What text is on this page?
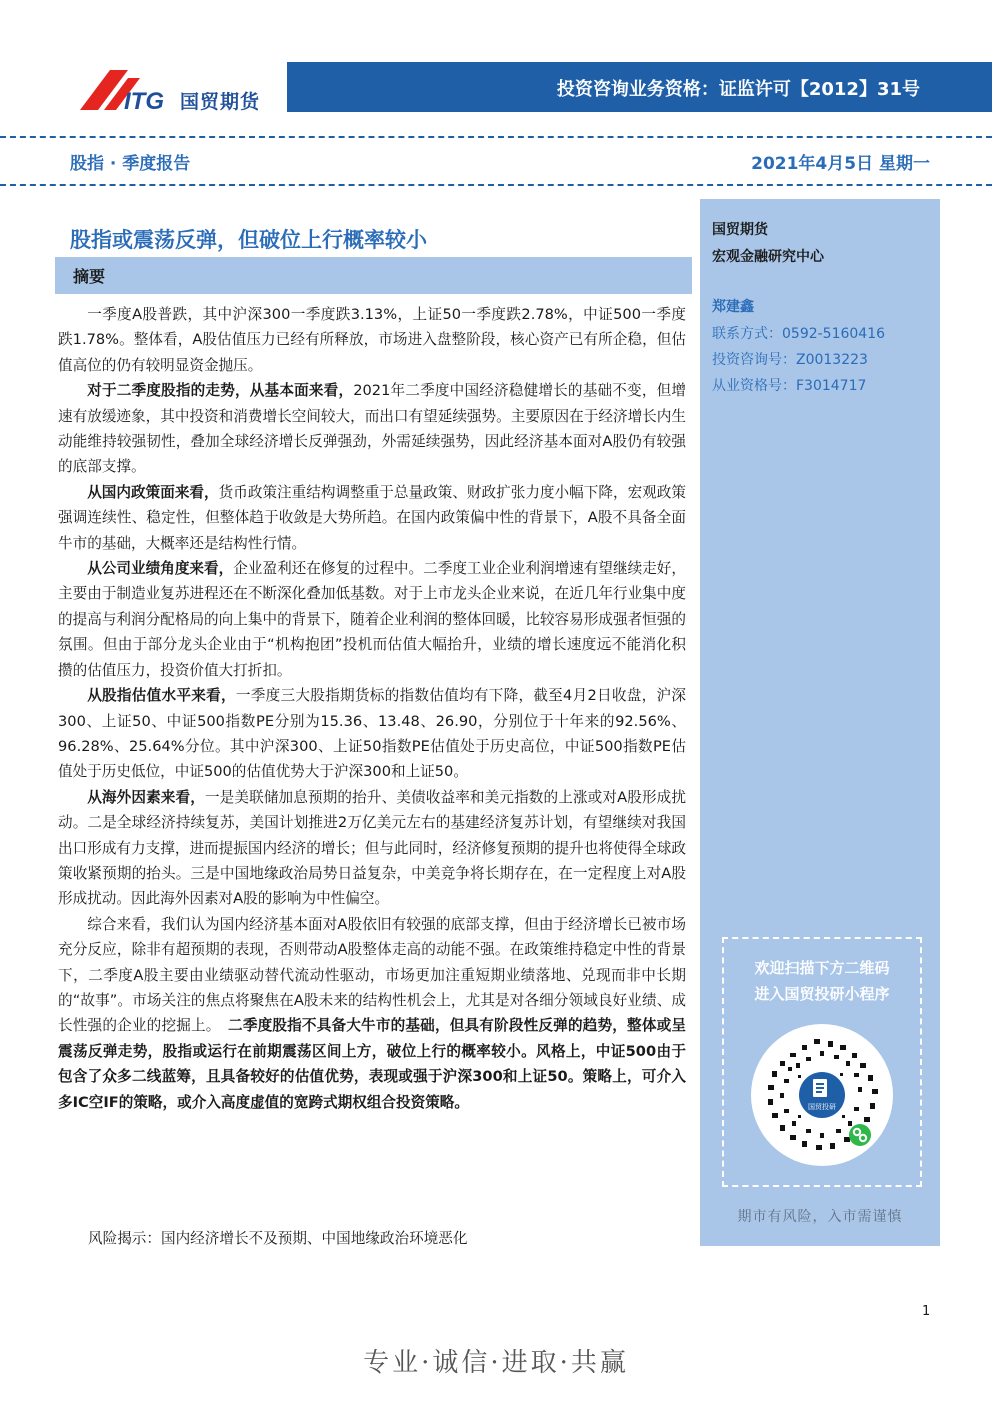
ITG 国贸期货
投资咨询业务资格：证监许可【2012】31号
股指 · 季度报告	2021年4月5日 星期一
股指或震荡反弹，但破位上行概率较小
摘要

一季度A股普跌，其中沪深300一季度跌3.13%，上证50一季度跌2.78%，中证500一季度跌1.78%。整体看，A股估值压力已经有所释放，市场进入盘整阶段，核心资产已有所企稳，但估值高位的仍有较明显资金抛压。

对于二季度股指的走势，从基本面来看，2021年二季度中国经济稳健增长的基础不变，但增速有放缓迹象，其中投资和消费增长空间较大，而出口有望延续强势。主要原因在于经济增长内生动能维持较强韧性，叠加全球经济增长反弹强劲，外需延续强势，因此经济基本面对A股仍有较强的底部支撑。

从国内政策面来看，货币政策注重结构调整重于总量政策、财政扩张力度小幅下降，宏观政策强调连续性、稳定性，但整体趋于收敛是大势所趋。在国内政策偏中性的背景下，A股不具备全面牛市的基础，大概率还是结构性行情。

从公司业绩角度来看，企业盈利还在修复的过程中。二季度工业企业利润增速有望继续走好，主要由于制造业复苏进程还在不断深化叠加低基数。对于上市龙头企业来说，在近几年行业集中度的提高与利润分配格局的向上集中的背景下，随着企业利润的整体回暖，比较容易形成强者恒强的氛围。但由于部分龙头企业由于“机构抱团”投机而估值大幅抬升，业绩的增长速度远不能消化积攒的估值压力，投资价值大打折扣。

从股指估值水平来看，一季度三大股指期货标的指数估值均有下降，截至4月2日收盘，沪深300、上证50、中证500指数PE分别为15.36、13.48、26.90，分别位于十年来的92.56%、96.28%、25.64%分位。其中沪深300、上证50指数PE估值处于历史高位，中证500指数PE估值处于历史低位，中证500的估值优势大于沪深300和上证50。

从海外因素来看，一是美联储加息预期的抬升、美债收益率和美元指数的上涨或对A股形成扰动。二是全球经济持续复苏，美国计划推进2万亿美元左右的基建经济复苏计划，有望继续对我国出口形成有力支撑，进而提振国内经济的增长；但与此同时，经济修复预期的提升也将使得全球政策收紧预期的抬头。三是中国地缘政治局势日益复杂，中美竞争将长期存在，在一定程度上对A股形成扰动。因此海外因素对A股的影响为中性偏空。

综合来看，我们认为国内经济基本面对A股依旧有较强的底部支撑，但由于经济增长已被市场充分反应，除非有超预期的表现，否则带动A股整体走高的动能不强。在政策维持稳定中性的背景下，二季度A股主要由业绩驱动替代流动性驱动，市场更加注重短期业绩落地、兑现而非中长期的“故事”。市场关注的焦点将聚焦在A股未来的结构性机会上，尤其是对各细分领域良好业绩、成长性强的企业的挖掘上。　 二季度股指不具备大牛市的基础，但具有阶段性反弹的趋势，整体或呈震荡反弹走势，股指或运行在前期震荡区间上方，破位上行的概率较小。风格上，中证500由于包含了众多二线蓝筹，且具备较好的估值优势，表现或强于沪深300和上证50。策略上，可介入多IC空IF的策略，或介入高度虚值的宽跨式期权组合投资策略。

风险揭示：国内经济增长不及预期、中国地缘政治环境恶化
国贸期货
宏观金融研究中心
郑建鑫
联系方式：0592-5160416
投资咨询号：Z0013223
从业资格号：F3014717
欢迎扫描下方二维码
进入国贸投研小程序
国贸投研
期市有风险，入市需谨慎
1
专业·诚信·进取·共赢
